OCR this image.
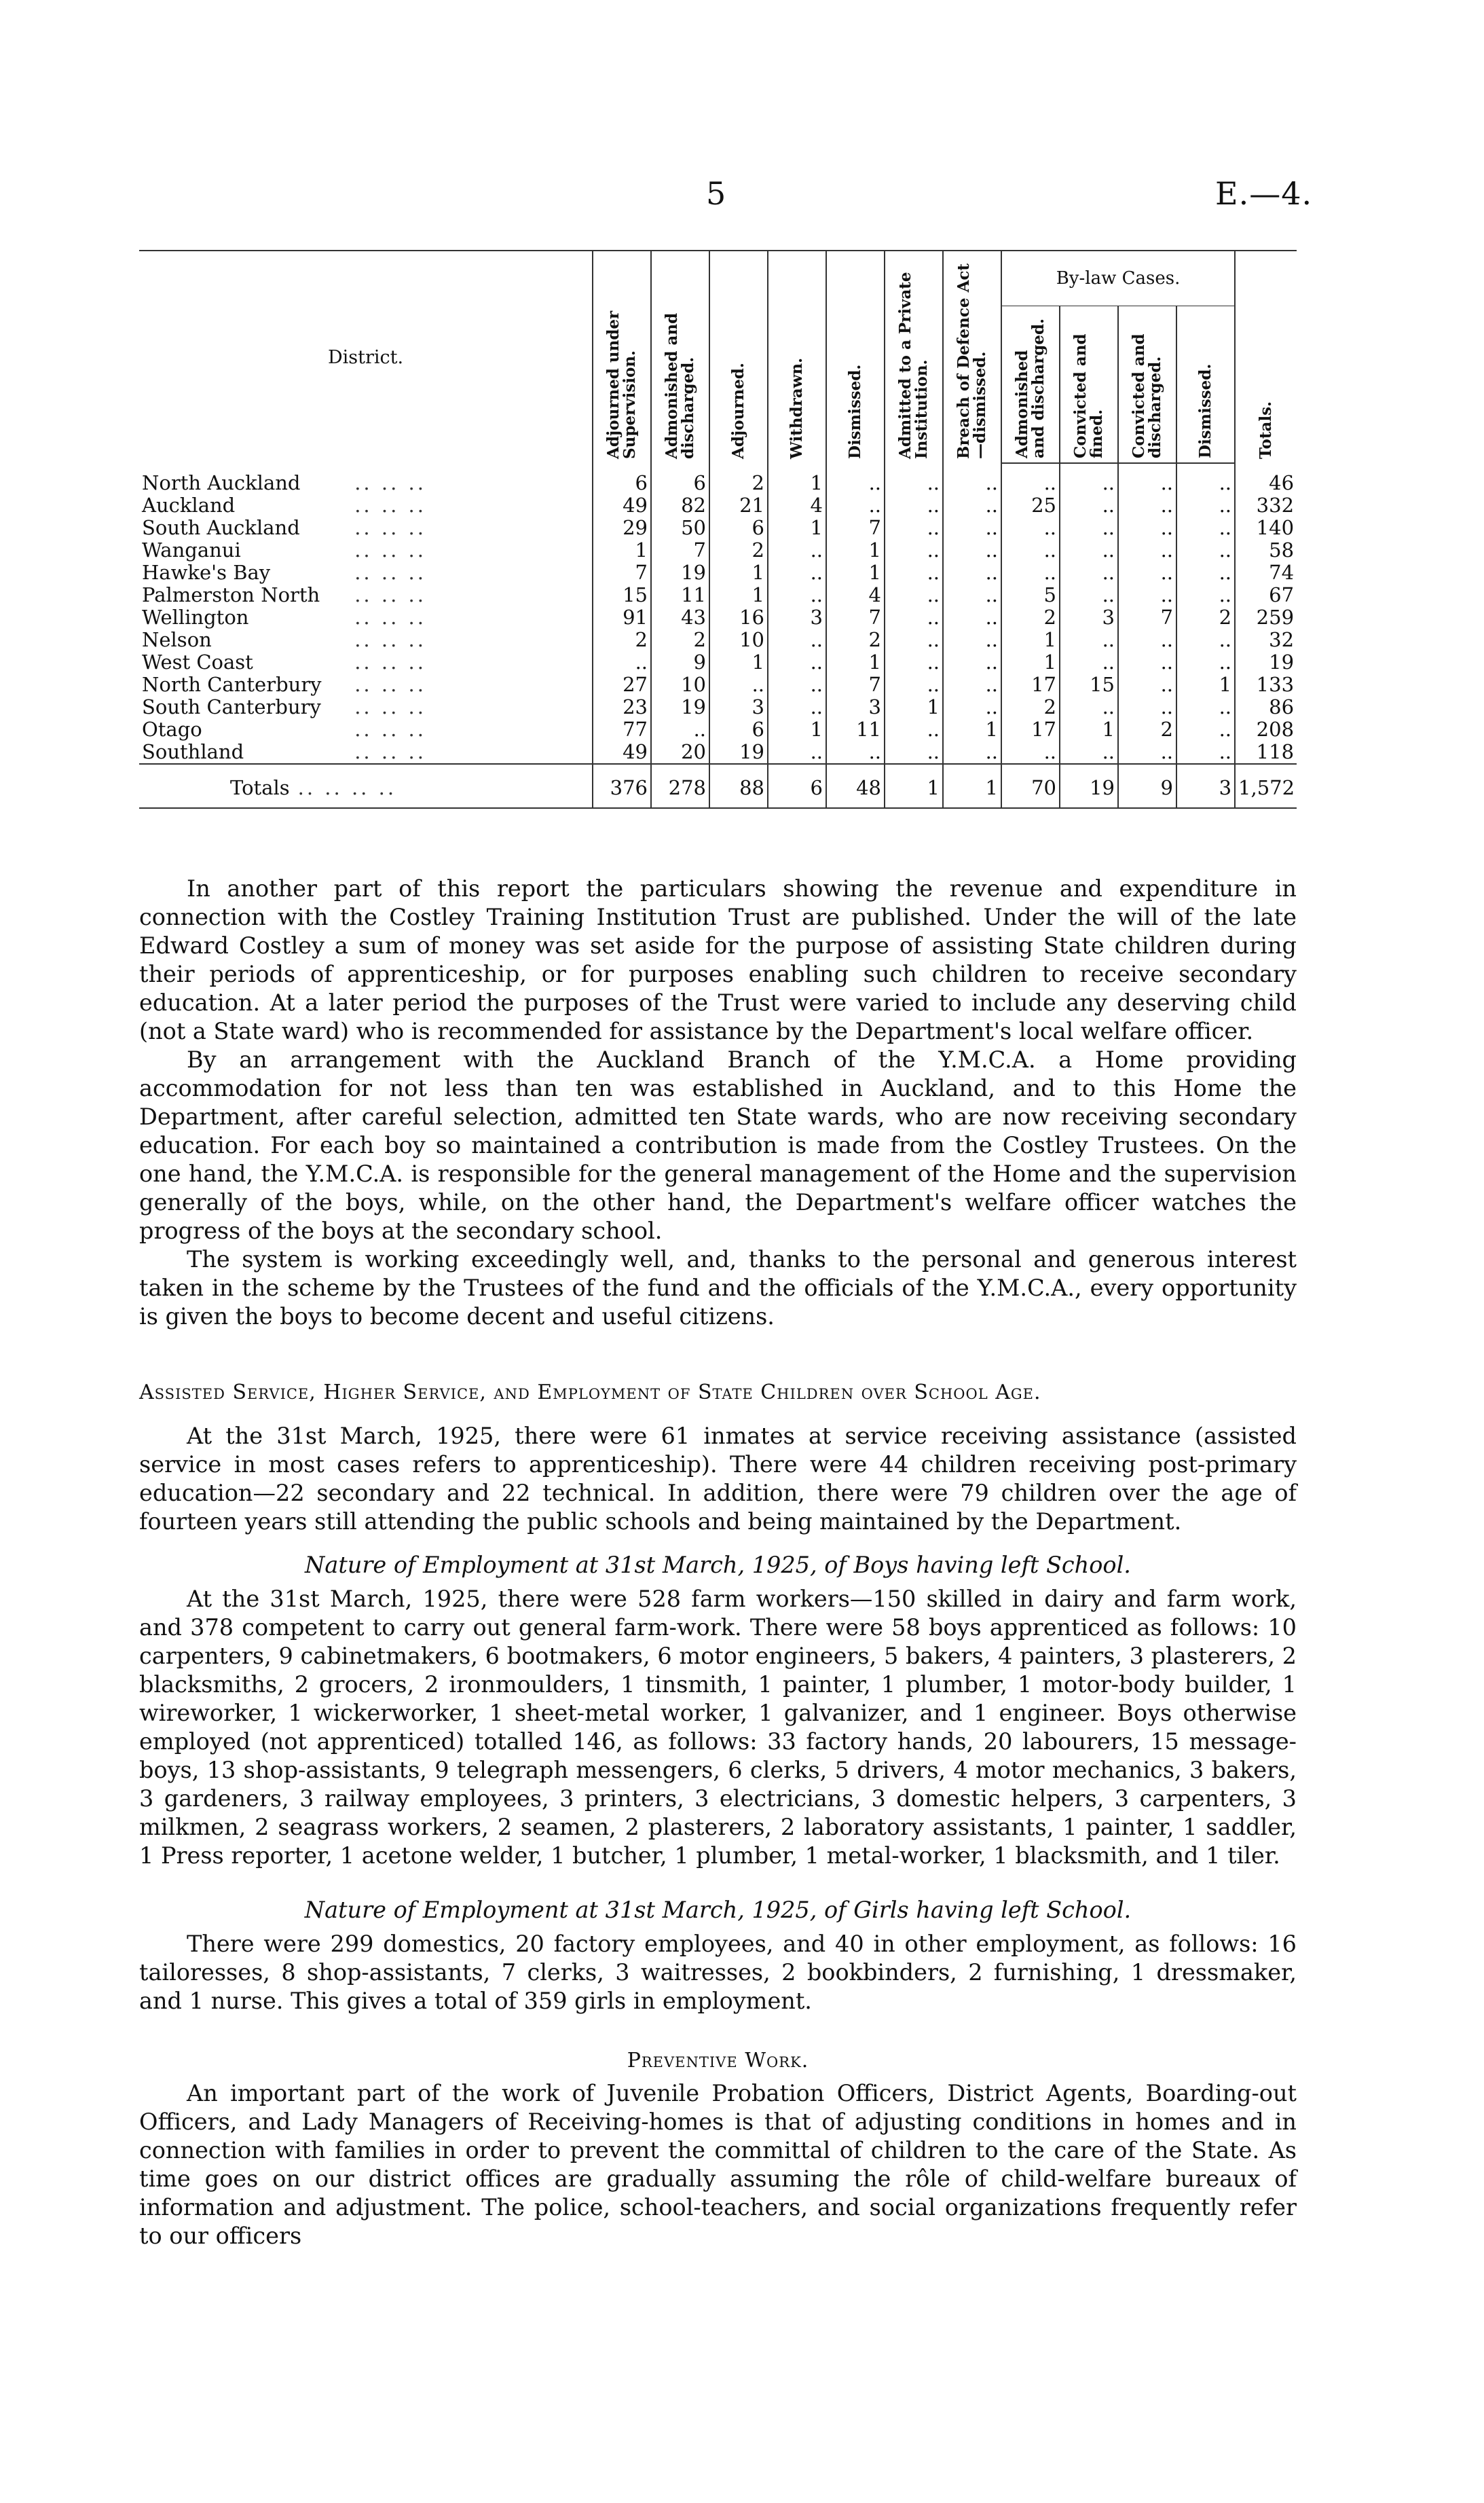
5	E.—4.
District.	Adjourned under Supervision.	Admonished and discharged.	Adjourned.	Withdrawn.	Dismissed.	Admitted to a Private Institution.	Breach of Defence Act—dismissed.	By-law Cases.				Totals.

								Admonished and discharged.	Convicted and fined.	Convicted and discharged.	Dismissed.	

North Auckland .. .. ..	6	6	2	1	..	..	..	..	..	..	..	46
Auckland .. .. ..	49	82	21	4	..	..	..	25	..	..	..	332
South Auckland .. .. ..	29	50	6	1	7	..	..	..	..	..	..	140
Wanganui .. .. ..	1	7	2	..	1	..	..	..	..	..	..	58
Hawke's Bay .. .. ..	7	19	1	..	1	..	..	..	..	..	..	74
Palmerston North .. .. ..	15	11	1	..	4	..	..	5	..	..	..	67
Wellington .. .. ..	91	43	16	3	7	..	..	2	3	7	2	259
Nelson .. .. ..	2	2	10	..	2	..	..	1	..	..	..	32
West Coast .. .. ..	..	9	1	..	1	..	..	1	..	..	..	19
North Canterbury .. .. ..	27	10	..	..	7	..	..	17	15	..	1	133
South Canterbury .. .. ..	23	19	3	..	3	1	..	2	..	..	..	86
Otago .. .. ..	77	..	6	1	11	..	1	17	1	2	..	208
Southland .. .. ..	49	20	19	..	..	..	..	..	..	..	..	118
Totals .. .. .. ..	376	278	88	6	48	1	1	70	19	9	3	1,572

In another part of this report the particulars showing the revenue and expenditure in connection with the Costley Training Institution Trust are published. Under the will of the late Edward Costley a sum of money was set aside for the purpose of assisting State children during their periods of apprenticeship, or for purposes enabling such children to receive secondary education. At a later period the purposes of the Trust were varied to include any deserving child (not a State ward) who is recommended for assistance by the Department's local welfare officer.

By an arrangement with the Auckland Branch of the Y.M.C.A. a Home providing accommodation for not less than ten was established in Auckland, and to this Home the Department, after careful selection, admitted ten State wards, who are now receiving secondary education. For each boy so maintained a contribution is made from the Costley Trustees. On the one hand, the Y.M.C.A. is responsible for the general management of the Home and the supervision generally of the boys, while, on the other hand, the Department's welfare officer watches the progress of the boys at the secondary school.

The system is working exceedingly well, and, thanks to the personal and generous interest taken in the scheme by the Trustees of the fund and the officials of the Y.M.C.A., every opportunity is given the boys to become decent and useful citizens.

Assisted Service, Higher Service, and Employment of State Children over School Age.

At the 31st March, 1925, there were 61 inmates at service receiving assistance (assisted service in most cases refers to apprenticeship). There were 44 children receiving post-primary education—22 secondary and 22 technical. In addition, there were 79 children over the age of fourteen years still attending the public schools and being maintained by the Department.

Nature of Employment at 31st March, 1925, of Boys having left School.

At the 31st March, 1925, there were 528 farm workers—150 skilled in dairy and farm work, and 378 competent to carry out general farm-work. There were 58 boys apprenticed as follows: 10 carpenters, 9 cabinetmakers, 6 bootmakers, 6 motor engineers, 5 bakers, 4 painters, 3 plasterers, 2 blacksmiths, 2 grocers, 2 ironmoulders, 1 tinsmith, 1 painter, 1 plumber, 1 motor-body builder, 1 wireworker, 1 wickerworker, 1 sheet-metal worker, 1 galvanizer, and 1 engineer. Boys otherwise employed (not apprenticed) totalled 146, as follows: 33 factory hands, 20 labourers, 15 message-boys, 13 shop-assistants, 9 telegraph messengers, 6 clerks, 5 drivers, 4 motor mechanics, 3 bakers, 3 gardeners, 3 railway employees, 3 printers, 3 electricians, 3 domestic helpers, 3 carpenters, 3 milkmen, 2 seagrass workers, 2 seamen, 2 plasterers, 2 laboratory assistants, 1 painter, 1 saddler, 1 Press reporter, 1 acetone welder, 1 butcher, 1 plumber, 1 metal-worker, 1 blacksmith, and 1 tiler.

Nature of Employment at 31st March, 1925, of Girls having left School.

There were 299 domestics, 20 factory employees, and 40 in other employment, as follows: 16 tailoresses, 8 shop-assistants, 7 clerks, 3 waitresses, 2 bookbinders, 2 furnishing, 1 dressmaker, and 1 nurse. This gives a total of 359 girls in employment.

Preventive Work.

An important part of the work of Juvenile Probation Officers, District Agents, Boarding-out Officers, and Lady Managers of Receiving-homes is that of adjusting conditions in homes and in connection with families in order to prevent the committal of children to the care of the State. As time goes on our district offices are gradually assuming the rôle of child-welfare bureaux of information and adjustment. The police, school-teachers, and social organizations frequently refer to our officers
